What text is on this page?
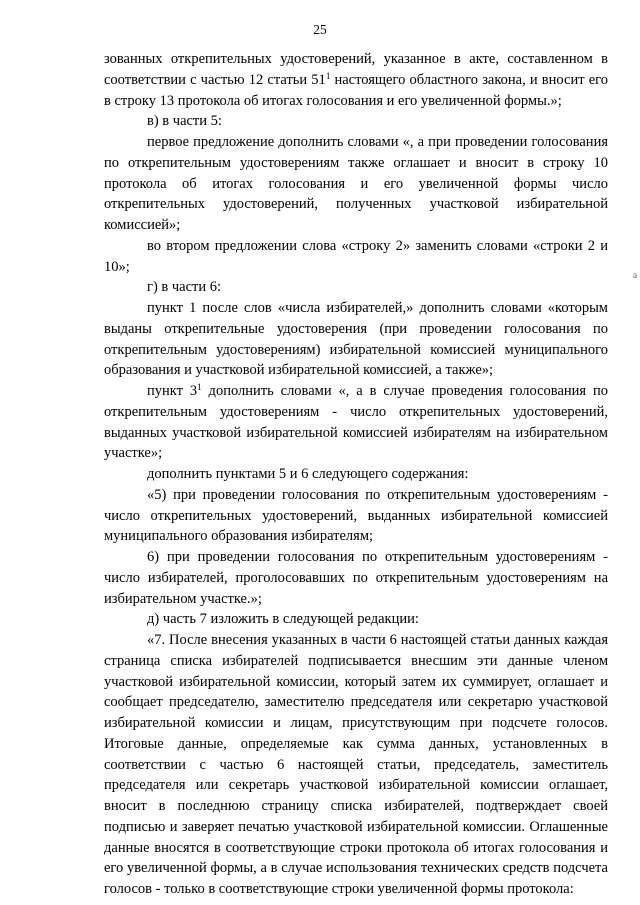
25

зованных открепительных удостоверений, указанное в акте, составленном в соответствии с частью 12 статьи $51^1$ настоящего областного закона, и вносит его в строку 13 протокола об итогах голосования и его увеличенной формы.»;

в) в части 5:

первое предложение дополнить словами «, а при проведении голосования по открепительным удостоверениям также оглашает и вносит в строку 10 протокола об итогах голосования и его увеличенной формы число открепительных удостоверений, полученных участковой избирательной комиссией»;

во втором предложении слова «строку 2» заменить словами «строки 2 и 10»;

г) в части 6:

пункт 1 после слов «числа избирателей,» дополнить словами «которым выданы открепительные удостоверения (при проведении голосования по открепительным удостоверениям) избирательной комиссией муниципального образования и участковой избирательной комиссией, а также»;

пункт $3^1$ дополнить словами «, а в случае проведения голосования по открепительным удостоверениям - число открепительных удостоверений, выданных участковой избирательной комиссией избирателям на избирательном участке»;

дополнить пунктами 5 и 6 следующего содержания:

«5) при проведении голосования по открепительным удостоверениям - число открепительных удостоверений, выданных избирательной комиссией муниципального образования избирателям;

6) при проведении голосования по открепительным удостоверениям - число избирателей, проголосовавших по открепительным удостоверениям на избирательном участке.»;

д) часть 7 изложить в следующей редакции:

«7. После внесения указанных в части 6 настоящей статьи данных каждая страница списка избирателей подписывается внесшим эти данные членом участковой избирательной комиссии, который затем их суммирует, оглашает и сообщает председателю, заместителю председателя или секретарю участковой избирательной комиссии и лицам, присутствующим при подсчете голосов. Итоговые данные, определяемые как сумма данных, установленных в соответствии с частью 6 настоящей статьи, председатель, заместитель председателя или секретарь участковой избирательной комиссии оглашает, вносит в последнюю страницу списка избирателей, подтверждает своей подписью и заверяет печатью участковой избирательной комиссии. Оглашенные данные вносятся в соответствующие строки протокола об итогах голосования и его увеличенной формы, а в случае использования технических средств подсчета голосов - только в соответствующие строки увеличенной формы протокола:

a
